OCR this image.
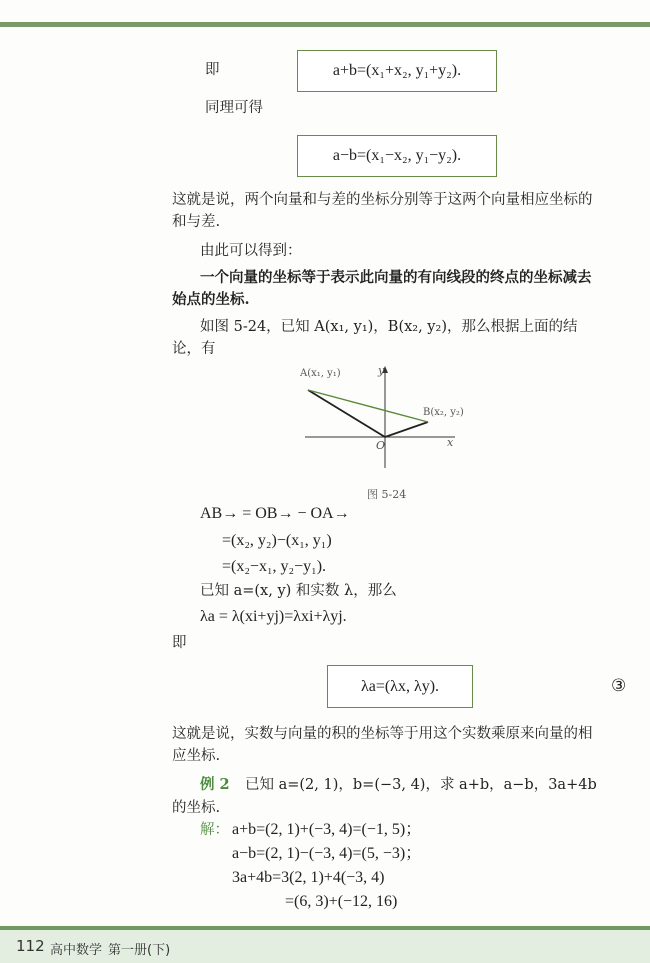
即	a+b=(x₁+x₂, y₁+y₂).
同理可得
a−b=(x₁−x₂, y₁−y₂).
这就是说，两个向量和与差的坐标分别等于这两个向量相应坐标的
和与差.
由此可以得到：
一个向量的坐标等于表示此向量的有向线段的终点的坐标减去
始点的坐标.
如图 5-24，已知 A(x₁, y₁)，B(x₂, y₂)，那么根据上面的结
论，有
A(x₁, y₁)
B(x₂, y₂)
O	x
y
图 5-24
AB→ = OB→ − OA→
=(x₂, y₂)−(x₁, y₁)
=(x₂−x₁, y₂−y₁).
已知 a=(x, y) 和实数 λ，那么
λa = λ(xi+yj)=λxi+λyj.
即
λa=(λx, λy).	③
这就是说，实数与向量的积的坐标等于用这个实数乘原来向量的相
应坐标.
例 2 已知 a=(2, 1)，b=(−3, 4)，求 a+b，a−b，3a+4b
的坐标.
解： a+b=(2, 1)+(−3, 4)=(−1, 5)；
a−b=(2, 1)−(−3, 4)=(5, −3)；
3a+4b=3(2, 1)+4(−3, 4)
=(6, 3)+(−12, 16)
112 高中数学 第一册(下)
